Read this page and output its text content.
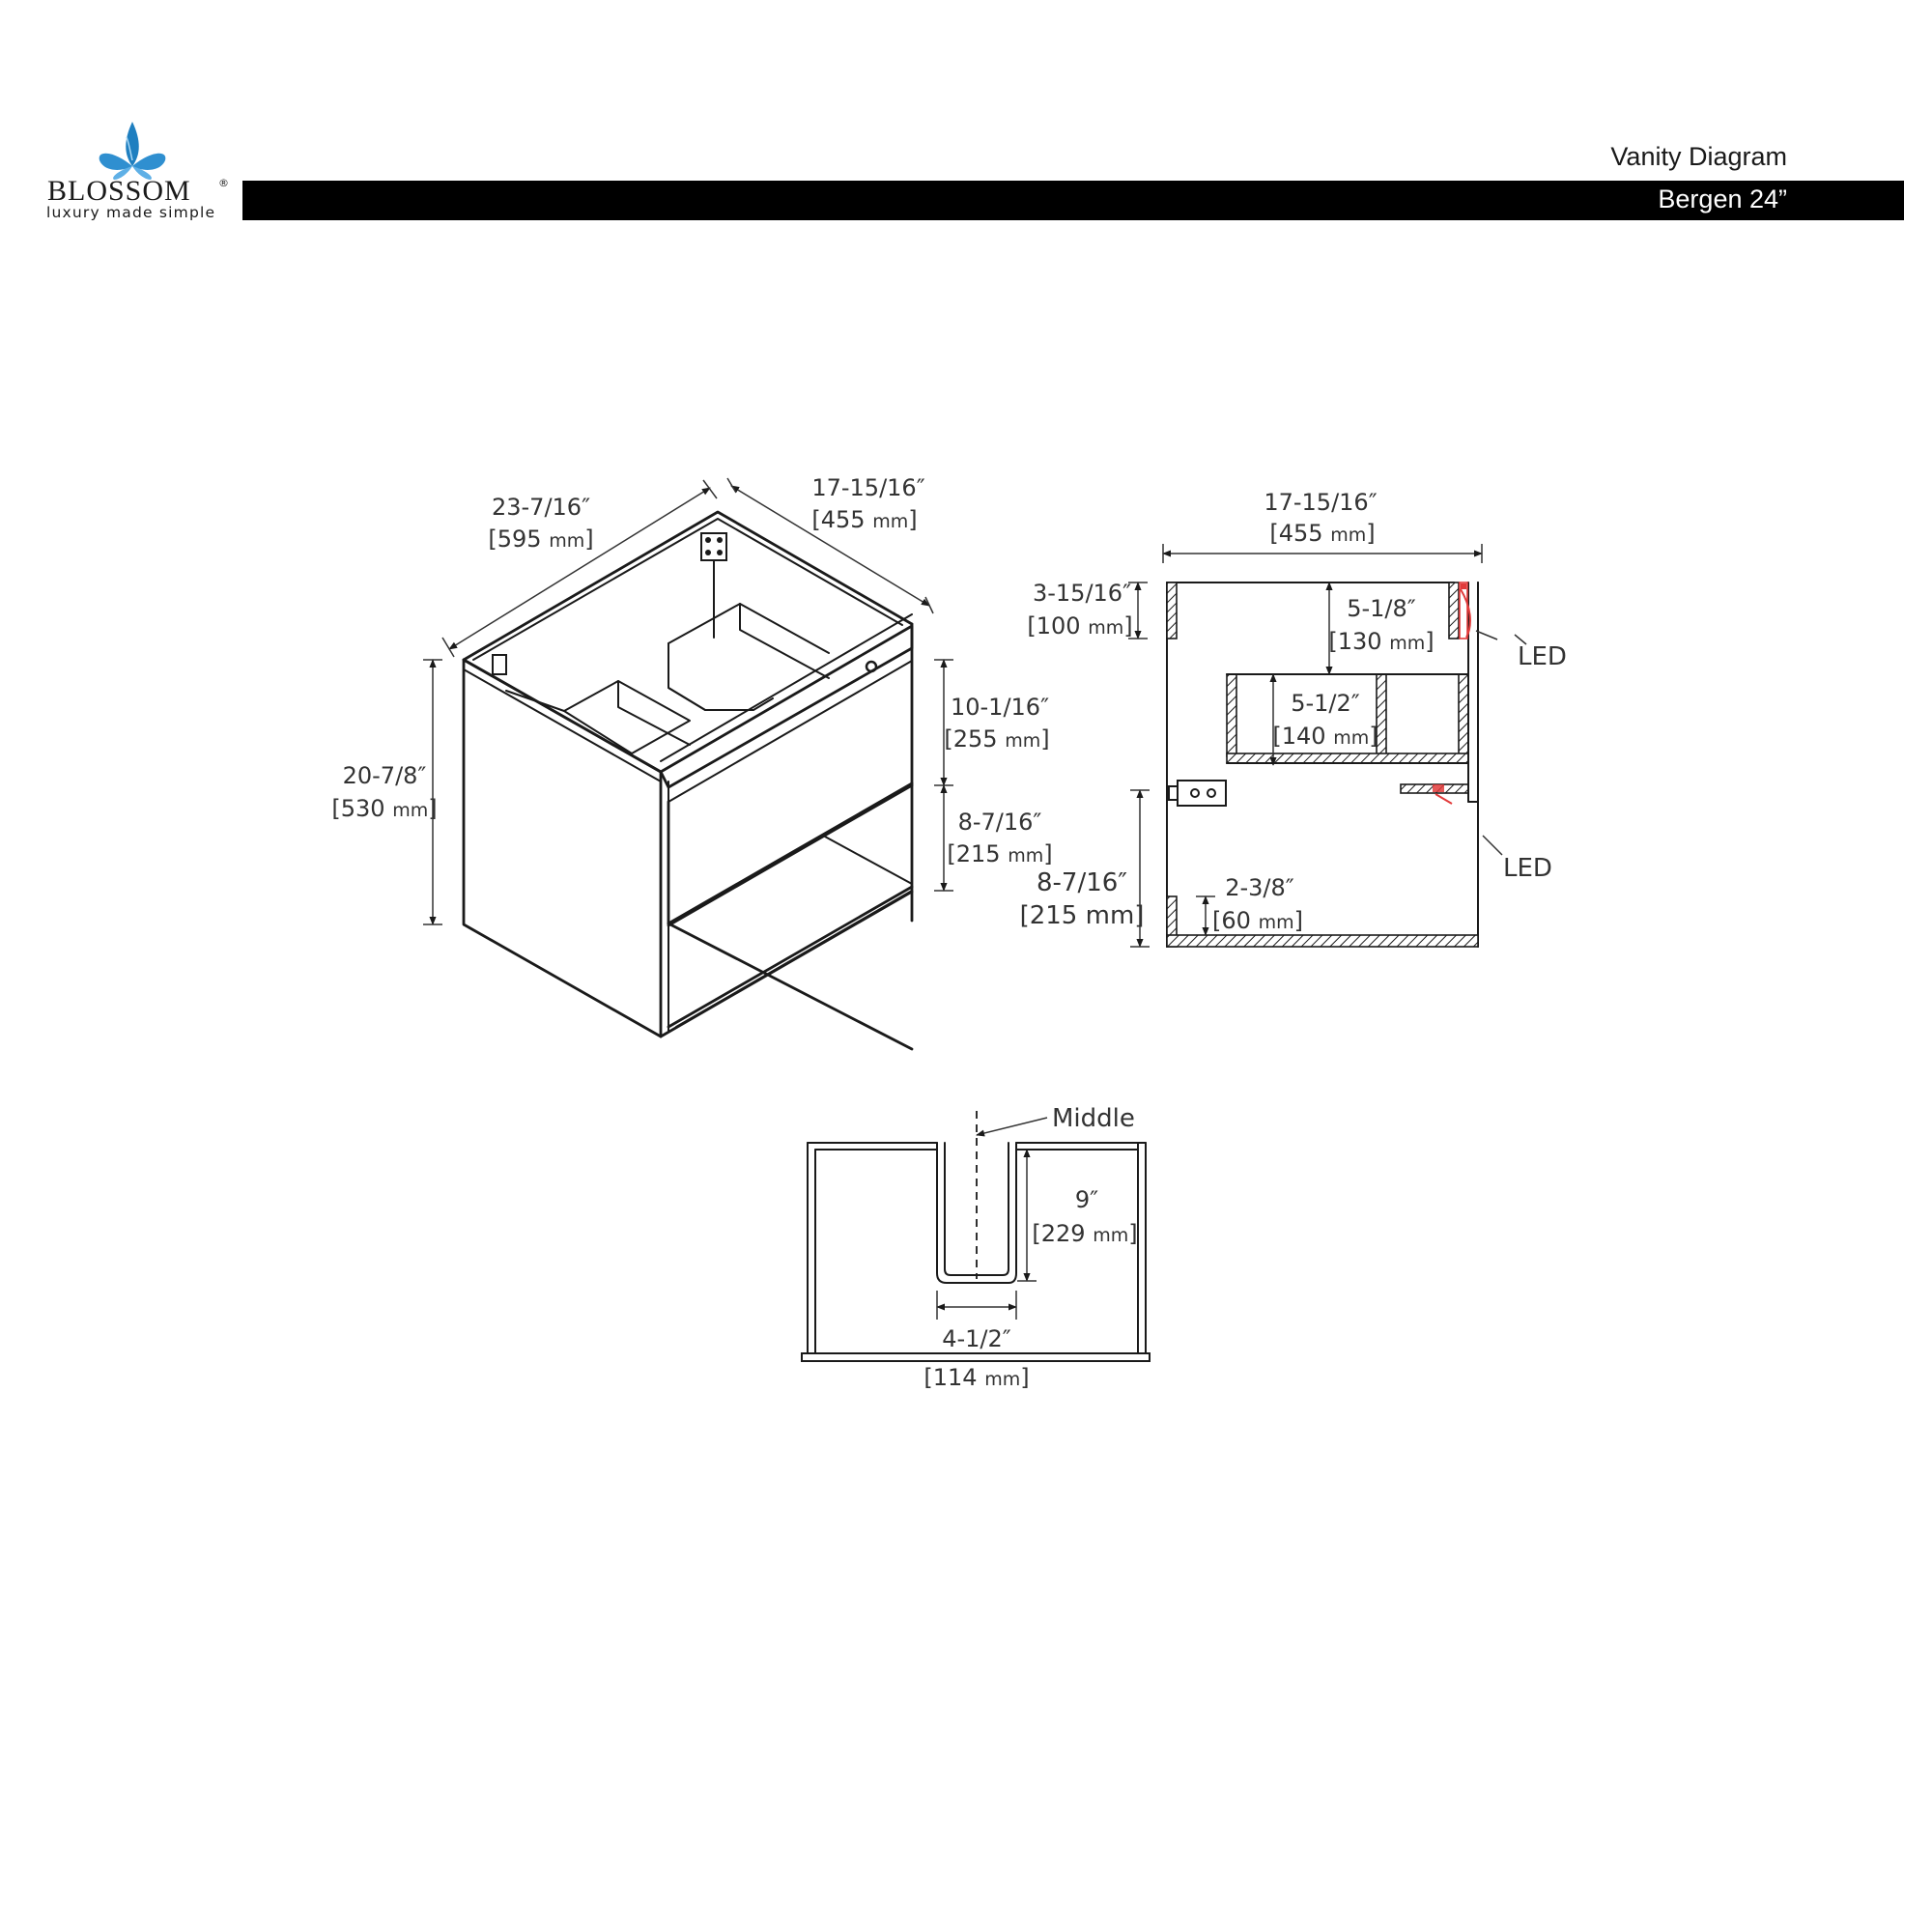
BLOSSOM	®
luxury made simple
Vanity Diagram
Bergen 24”
23-7/16″
[595 mm]
17-15/16″
[455 mm]
20-7/8″
[530 mm]
10-1/16″
[255 mm]
8-7/16″
[215 mm]
LED
LED
17-15/16″
[455 mm]
3-15/16″
[100 mm]
5-1/8″
[130 mm]
5-1/2″
[140 mm]
8-7/16″
[215 mm]
2-3/8″
[60 mm]
Middle
9″
[229 mm]
4-1/2″
[114 mm]
